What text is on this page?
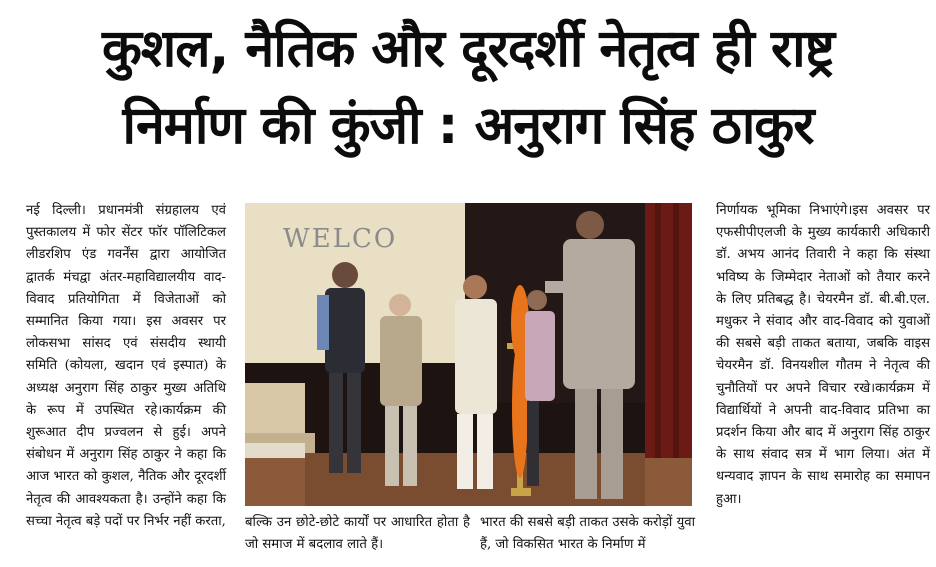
कुशल, नैतिक और दूरदर्शी नेतृत्व ही राष्ट्र
निर्माण की कुंजी : अनुराग सिंह ठाकुर

नई दिल्ली। प्रधानमंत्री संग्रहालय एवं पुस्तकालय में फोर सेंटर फॉर पॉलिटिकल लीडरशिप एंड गवर्नेंस द्वारा आयोजित द्वातर्क मंचद्वा अंतर-महाविद्यालयीय वाद-विवाद प्रतियोगिता में विजेताओं को सम्मानित किया गया। इस अवसर पर लोकसभा सांसद एवं संसदीय स्थायी समिति (कोयला, खदान एवं इस्पात) के अध्यक्ष अनुराग सिंह ठाकुर मुख्य अतिथि के रूप में उपस्थित रहे।कार्यक्रम की शुरूआत दीप प्रज्वलन से हुई। अपने संबोधन में अनुराग सिंह ठाकुर ने कहा कि आज भारत को कुशल, नैतिक और दूरदर्शी नेतृत्व की आवश्यकता है। उन्होंने कहा कि सच्चा नेतृत्व बड़े पदों पर निर्भर नहीं करता,

WELCO

बल्कि उन छोटे-छोटे कार्यों पर आधारित होता है जो समाज में बदलाव लाते हैं।

भारत की सबसे बड़ी ताकत उसके करोड़ों युवा हैं, जो विकसित भारत के निर्माण में

निर्णायक भूमिका निभाएंगे।इस अवसर पर एफसीपीएलजी के मुख्य कार्यकारी अधिकारी डॉ. अभय आनंद तिवारी ने कहा कि संस्था भविष्य के जिम्मेदार नेताओं को तैयार करने के लिए प्रतिबद्ध है। चेयरमैन डॉ. बी.बी.एल. मधुकर ने संवाद और वाद-विवाद को युवाओं की सबसे बड़ी ताकत बताया, जबकि वाइस चेयरमैन डॉ. विनयशील गौतम ने नेतृत्व की चुनौतियों पर अपने विचार रखे।कार्यक्रम में विद्यार्थियों ने अपनी वाद-विवाद प्रतिभा का प्रदर्शन किया और बाद में अनुराग सिंह ठाकुर के साथ संवाद सत्र में भाग लिया। अंत में धन्यवाद ज्ञापन के साथ समारोह का समापन हुआ।
